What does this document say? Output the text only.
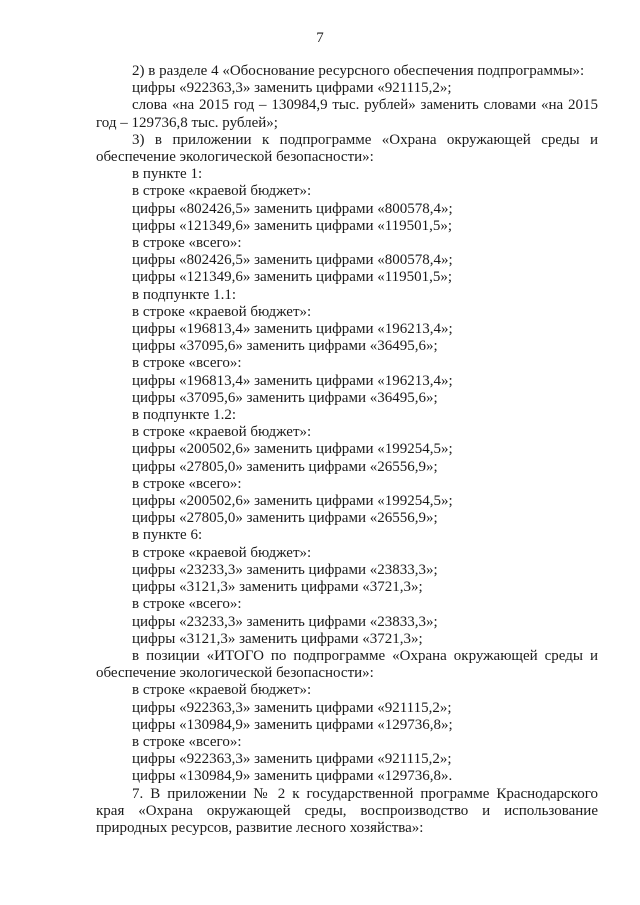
7
2) в разделе 4 «Обоснование ресурсного обеспечения подпрограммы»:
цифры «922363,3» заменить цифрами «921115,2»;
слова «на 2015 год – 130984,9 тыс. рублей» заменить словами «на 2015
год – 129736,8 тыс. рублей»;
3) в приложении к подпрограмме «Охрана окружающей среды и
обеспечение экологической безопасности»:
в пункте 1:
в строке «краевой бюджет»:
цифры «802426,5» заменить цифрами «800578,4»;
цифры «121349,6» заменить цифрами «119501,5»;
в строке «всего»:
цифры «802426,5» заменить цифрами «800578,4»;
цифры «121349,6» заменить цифрами «119501,5»;
в подпункте 1.1:
в строке «краевой бюджет»:
цифры «196813,4» заменить цифрами «196213,4»;
цифры «37095,6» заменить цифрами «36495,6»;
в строке «всего»:
цифры «196813,4» заменить цифрами «196213,4»;
цифры «37095,6» заменить цифрами «36495,6»;
в подпункте 1.2:
в строке «краевой бюджет»:
цифры «200502,6» заменить цифрами «199254,5»;
цифры «27805,0» заменить цифрами «26556,9»;
в строке «всего»:
цифры «200502,6» заменить цифрами «199254,5»;
цифры «27805,0» заменить цифрами «26556,9»;
в пункте 6:
в строке «краевой бюджет»:
цифры «23233,3» заменить цифрами «23833,3»;
цифры «3121,3» заменить цифрами «3721,3»;
в строке «всего»:
цифры «23233,3» заменить цифрами «23833,3»;
цифры «3121,3» заменить цифрами «3721,3»;
в позиции «ИТОГО по подпрограмме «Охрана окружающей среды и
обеспечение экологической безопасности»:
в строке «краевой бюджет»:
цифры «922363,3» заменить цифрами «921115,2»;
цифры «130984,9» заменить цифрами «129736,8»;
в строке «всего»:
цифры «922363,3» заменить цифрами «921115,2»;
цифры «130984,9» заменить цифрами «129736,8».
7. В приложении № 2 к государственной программе Краснодарского
края «Охрана окружающей среды, воспроизводство и использование
природных ресурсов, развитие лесного хозяйства»:
